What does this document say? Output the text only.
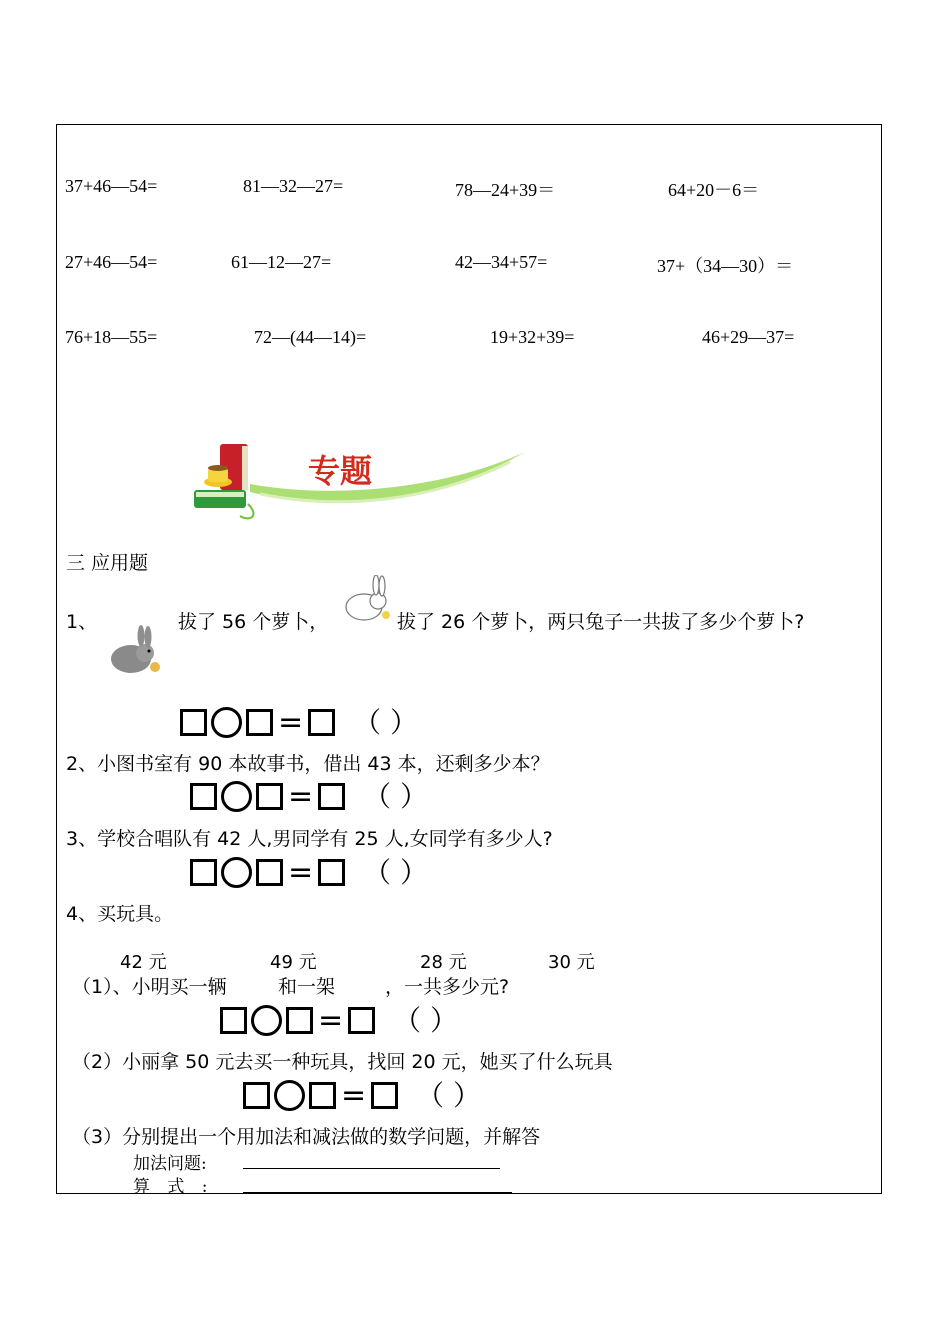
37+46—54=	81—32—27=	78—24+39＝	64+20－6＝
27+46—54=	61—12—27=	42—34+57=	37+（34—30）＝
76+18—55=	72—(44—14)=	19+32+39=	46+29—37=
专题
三 应用题
1、	拔了 56 个萝卜，	拔了 26 个萝卜，两只兔子一共拔了多少个萝卜?
= （ ）
2、小图书室有 90 本故事书，借出 43 本，还剩多少本？
= （ ）
3、学校合唱队有 42 人,男同学有 25 人,女同学有多少人?
= （ ）
4、买玩具。
42 元	49 元	28 元	30 元
（1）、小明买一辆	和一架	，一共多少元?
= （ ）
（2）小丽拿 50 元去买一种玩具，找回 20 元，她买了什么玩具
= （ ）
（3）分别提出一个用加法和减法做的数学问题，并解答
加法问题:
算 式 :
